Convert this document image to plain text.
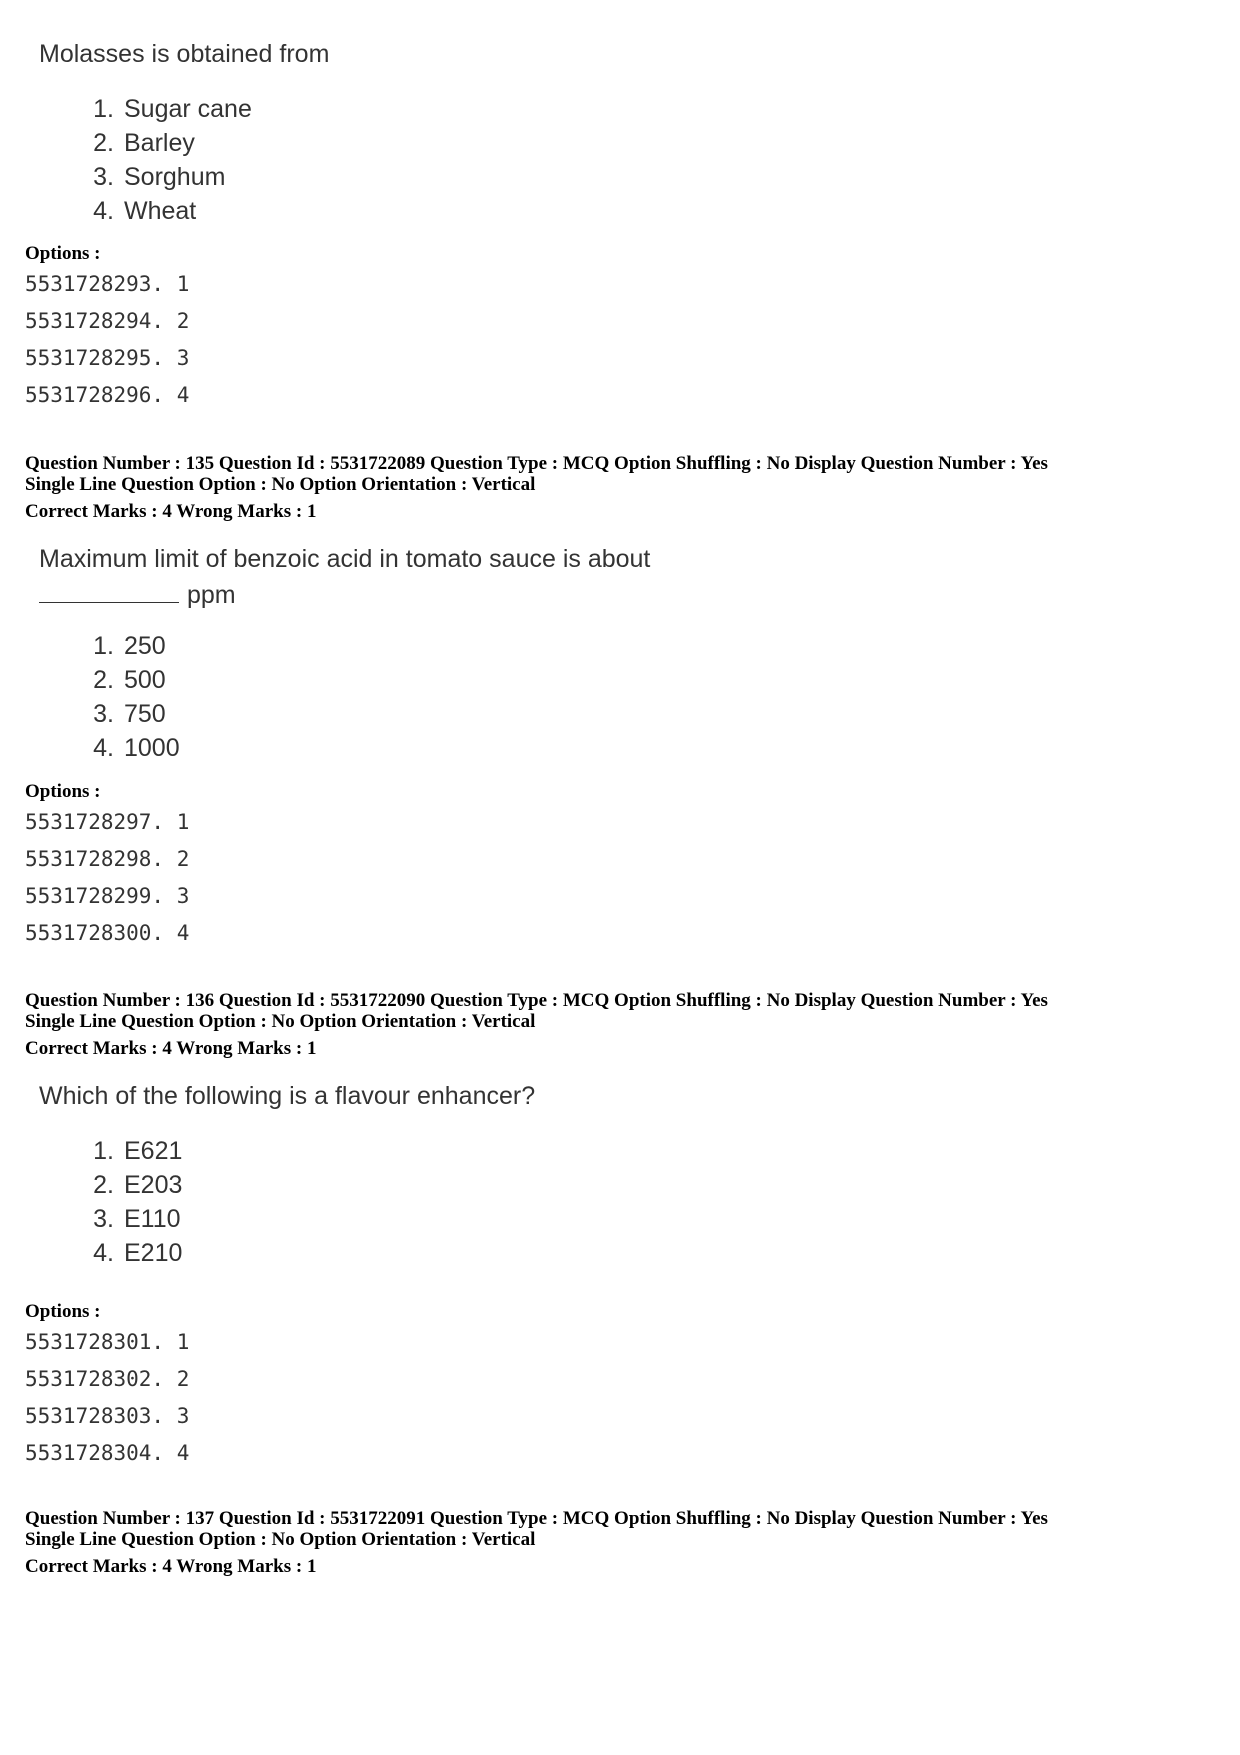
Molasses is obtained from

1. Sugar cane
2. Barley
3. Sorghum
4. Wheat
Options :
5531728293. 1
5531728294. 2
5531728295. 3
5531728296. 4
Question Number : 135 Question Id : 5531722089 Question Type : MCQ Option Shuffling : No Display Question Number : Yes
Single Line Question Option : No Option Orientation : Vertical
Correct Marks : 4 Wrong Marks : 1

Maximum limit of benzoic acid in tomato sauce is about

ppm

1. 250
2. 500
3. 750
4. 1000
Options :
5531728297. 1
5531728298. 2
5531728299. 3
5531728300. 4
Question Number : 136 Question Id : 5531722090 Question Type : MCQ Option Shuffling : No Display Question Number : Yes
Single Line Question Option : No Option Orientation : Vertical
Correct Marks : 4 Wrong Marks : 1

Which of the following is a flavour enhancer?

1. E621
2. E203
3. E110
4. E210
Options :
5531728301. 1
5531728302. 2
5531728303. 3
5531728304. 4
Question Number : 137 Question Id : 5531722091 Question Type : MCQ Option Shuffling : No Display Question Number : Yes
Single Line Question Option : No Option Orientation : Vertical
Correct Marks : 4 Wrong Marks : 1
